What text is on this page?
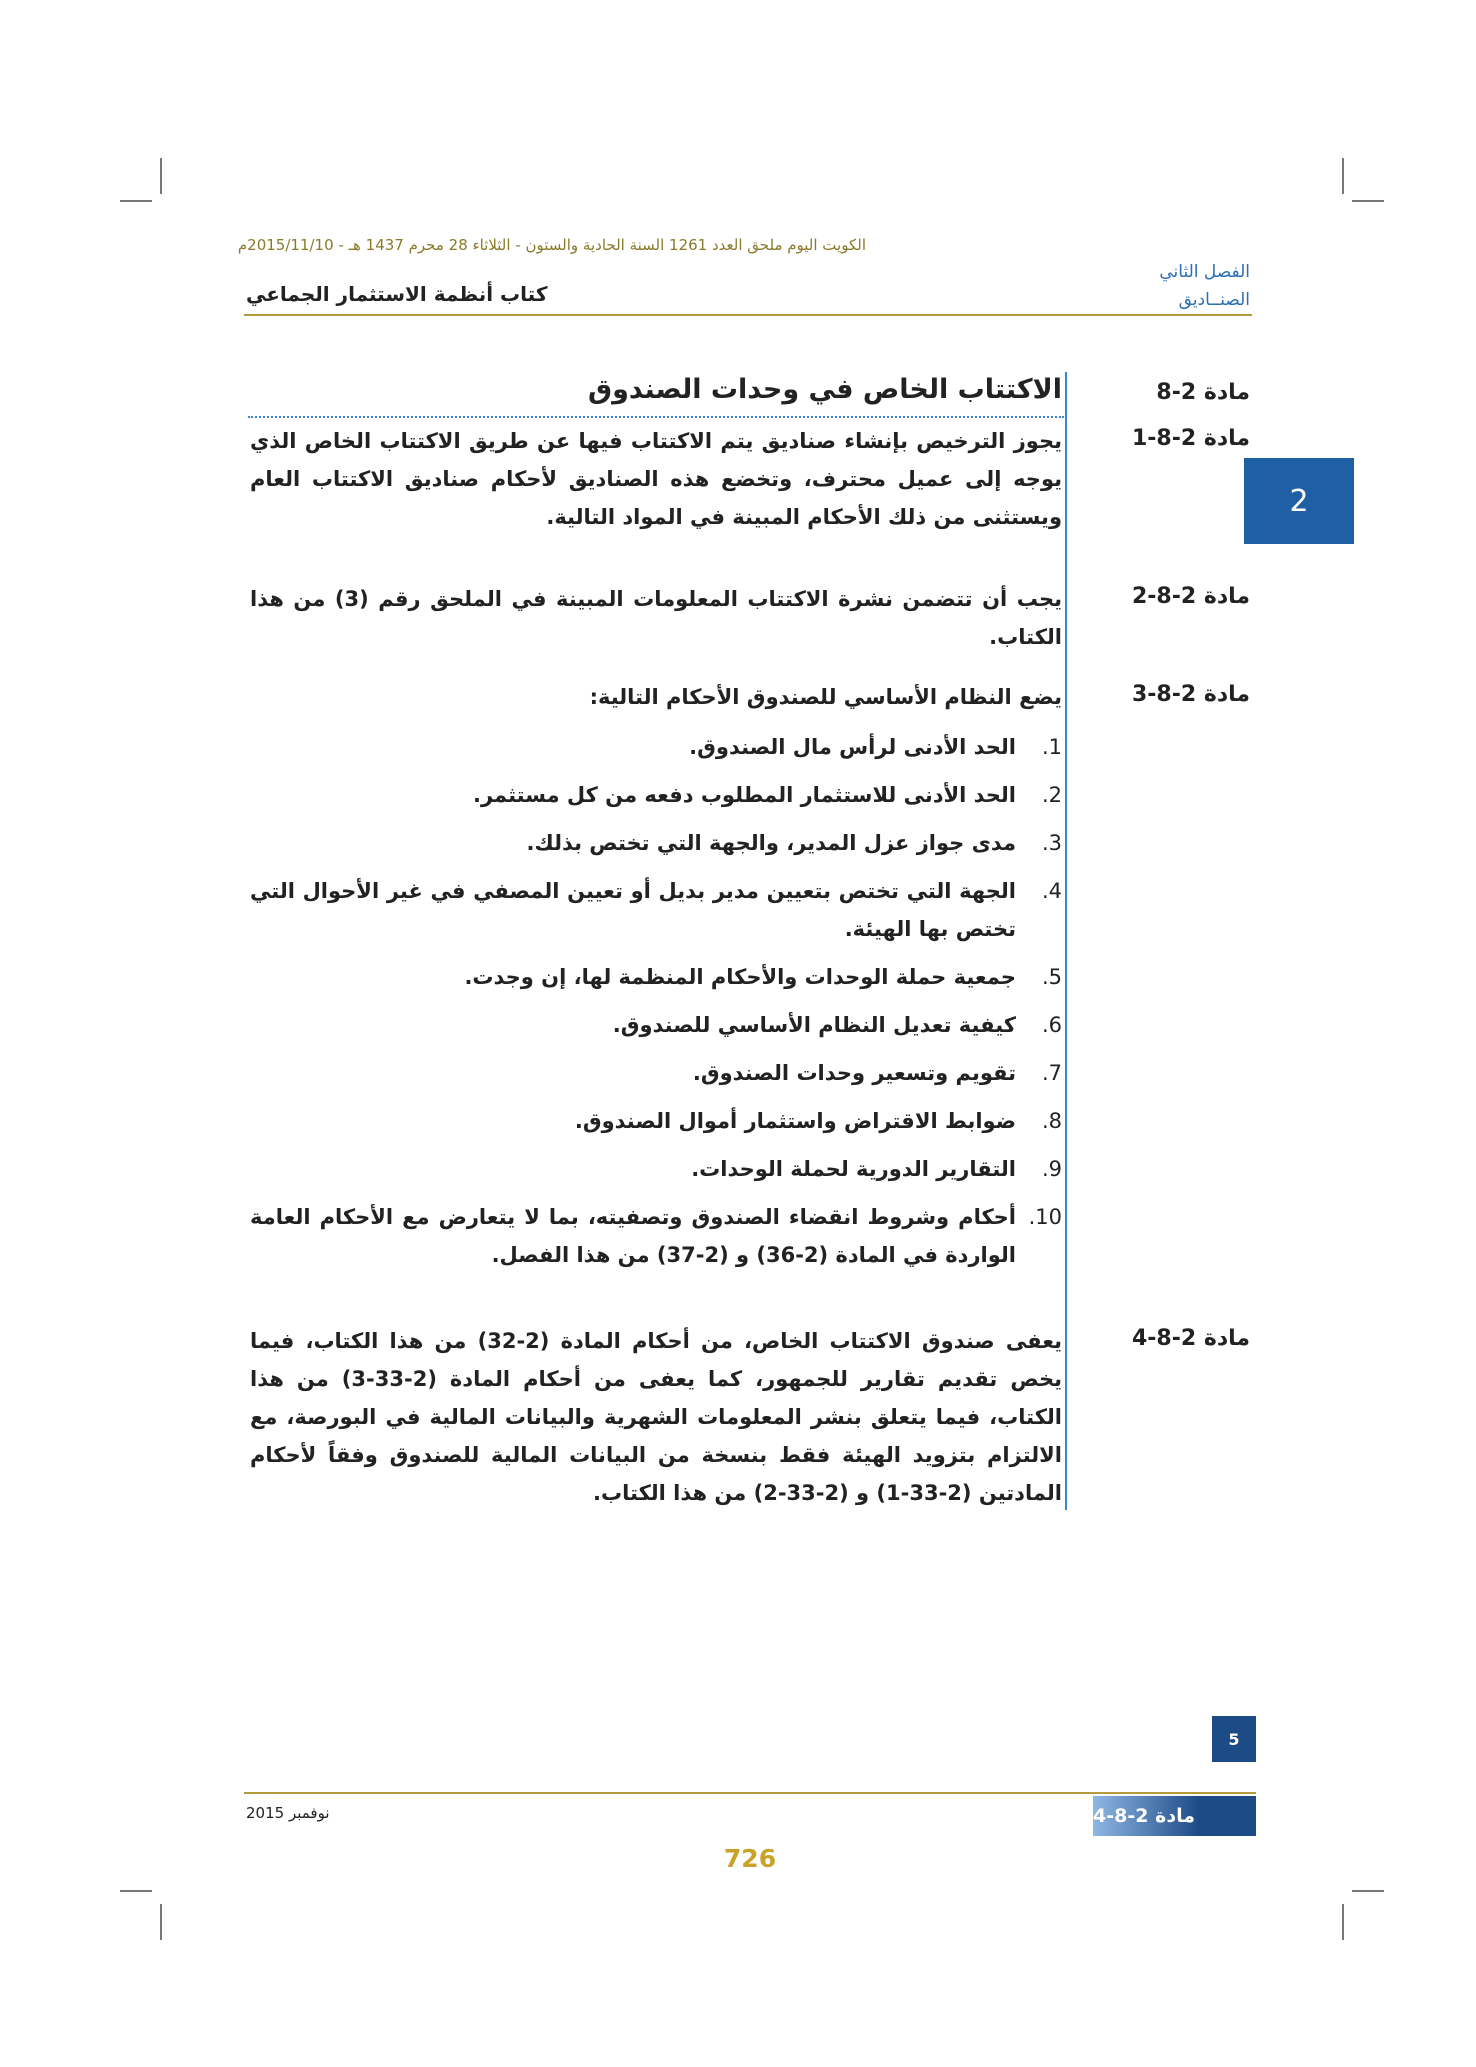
الكويت اليوم ملحق العدد 1261 السنة الحادية والستون - الثلاثاء 28 محرم 1437 هـ - 2015/11/10م
الفصل الثاني
الصنــاديق
كتاب أنظمة الاستثمار الجماعي
2
مادة 2-8
الاكتتاب الخاص في وحدات الصندوق
مادة 2-8-1
يجوز الترخيص بإنشاء صناديق يتم الاكتتاب فيها عن طريق الاكتتاب الخاص الذي يوجه إلى عميل محترف، وتخضع هذه الصناديق لأحكام صناديق الاكتتاب العام ويستثنى من ذلك الأحكام المبينة في المواد التالية.
مادة 2-8-2
يجب أن تتضمن نشرة الاكتتاب المعلومات المبينة في الملحق رقم (3) من هذا الكتاب.
مادة 2-8-3
يضع النظام الأساسي للصندوق الأحكام التالية:
1.
الحد الأدنى لرأس مال الصندوق.
2.
الحد الأدنى للاستثمار المطلوب دفعه من كل مستثمر.
3.
مدى جواز عزل المدير، والجهة التي تختص بذلك.
4.
الجهة التي تختص بتعيين مدير بديل أو تعيين المصفي في غير الأحوال التي تختص بها الهيئة.
5.
جمعية حملة الوحدات والأحكام المنظمة لها، إن وجدت.
6.
كيفية تعديل النظام الأساسي للصندوق.
7.
تقويم وتسعير وحدات الصندوق.
8.
ضوابط الاقتراض واستثمار أموال الصندوق.
9.
التقارير الدورية لحملة الوحدات.
10.
أحكام وشروط انقضاء الصندوق وتصفيته، بما لا يتعارض مع الأحكام العامة الواردة في المادة (2-36) و (2-37) من هذا الفصل.
مادة 2-8-4
يعفى صندوق الاكتتاب الخاص، من أحكام المادة (2-32) من هذا الكتاب، فيما يخص تقديم تقارير للجمهور، كما يعفى من أحكام المادة (2-33-3) من هذا الكتاب، فيما يتعلق بنشر المعلومات الشهرية والبيانات المالية في البورصة، مع الالتزام بتزويد الهيئة فقط بنسخة من البيانات المالية للصندوق وفقاً لأحكام المادتين (2-33-1) و (2-33-2) من هذا الكتاب.
5
نوفمبر 2015	مادة 2-8-4
726
